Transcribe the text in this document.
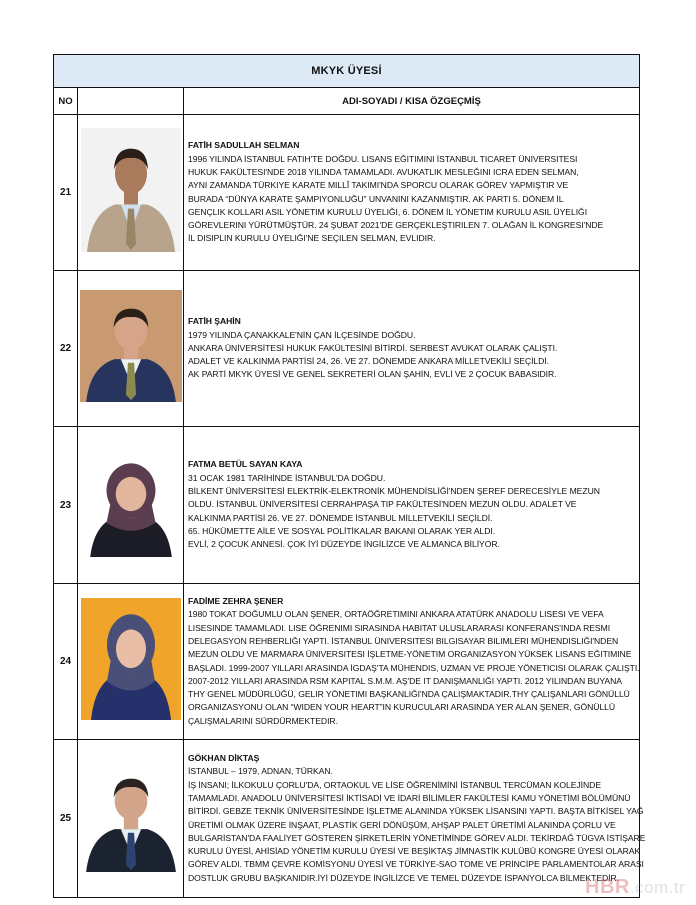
MKYK ÜYESİ
NO	ADI-SOYADI / KISA ÖZGEÇMİŞ
21
FATİH SADULLAH SELMAN
1996 YILINDA İSTANBUL FATIH'TE DOĞDU. LISANS EĞITIMINI İSTANBUL TICARET ÜNIVERSITESI
HUKUK FAKÜLTESI'NDE 2018 YILINDA TAMAMLADI. AVUKATLIK MESLEĞINI ICRA EDEN SELMAN,
AYNI ZAMANDA TÜRKIYE KARATE MILLÎ TAKIMI'NDA SPORCU OLARAK GÖREV YAPMIŞTIR VE
BURADA “DÜNYA KARATE ŞAMPIYONLUĞU” UNVANINI KAZANMIŞTIR. AK PARTI 5. DÖNEM İL
GENÇLIK KOLLARI ASIL YÖNETIM KURULU ÜYELIĞI, 6. DÖNEM İL YÖNETIM KURULU ASIL ÜYELIĞI
GÖREVLERINI YÜRÜTMÜŞTÜR. 24 ŞUBAT 2021'DE GERÇEKLEŞTIRILEN 7. OLAĞAN İL KONGRESI'NDE
İL DISIPLIN KURULU ÜYELIĞI'NE SEÇILEN SELMAN, EVLIDIR.
22
FATİH ŞAHİN
1979 YILINDA ÇANAKKALE'NİN ÇAN İLÇESİNDE DOĞDU.
ANKARA ÜNİVERSİTESİ HUKUK FAKÜLTESİNİ BİTİRDİ. SERBEST AVUKAT OLARAK ÇALIŞTI.
ADALET VE KALKINMA PARTİSİ 24, 26. VE 27. DÖNEMDE ANKARA MİLLETVEKİLİ SEÇİLDİ.
AK PARTİ MKYK ÜYESİ VE GENEL SEKRETERİ OLAN ŞAHİN, EVLİ VE 2 ÇOCUK BABASIDIR.
23
FATMA BETÜL SAYAN KAYA
31 OCAK 1981 TARİHİNDE İSTANBUL'DA DOĞDU.
BİLKENT ÜNİVERSİTESİ ELEKTRİK-ELEKTRONİK MÜHENDİSLİĞİ'NDEN ŞEREF DERECESİYLE MEZUN
OLDU. İSTANBUL ÜNİVERSİTESİ CERRAHPAŞA TIP FAKÜLTESİ'NDEN MEZUN OLDU. ADALET VE
KALKINMA PARTİSİ 26. VE 27. DÖNEMDE İSTANBUL MİLLETVEKİLİ SEÇİLDİ.
65. HÜKÜMETTE AİLE VE SOSYAL POLİTİKALAR BAKANI OLARAK YER ALDI.
EVLİ, 2 ÇOCUK ANNESİ. ÇOK İYİ DÜZEYDE İNGİLİZCE VE ALMANCA BİLİYOR.
24
FADİME ZEHRA ŞENER
1980 TOKAT DOĞUMLU OLAN ŞENER, ORTAÖĞRETIMINI ANKARA ATATÜRK ANADOLU LISESI VE VEFA
LISESINDE TAMAMLADI. LISE ÖĞRENIMI SIRASINDA HABITAT ULUSLARARASI KONFERANS'INDA RESMI
DELEGASYON REHBERLIĞI YAPTI. İSTANBUL ÜNIVERSITESI BILGISAYAR BILIMLERI MÜHENDISLIĞI'NDEN
MEZUN OLDU VE MARMARA ÜNIVERSITESI İŞLETME-YÖNETIM ORGANIZASYON YÜKSEK LISANS EĞITIMINE
BAŞLADI. 1999-2007 YILLARI ARASINDA İGDAŞ'TA MÜHENDIS, UZMAN VE PROJE YÖNETICISI OLARAK ÇALIŞTI.
2007-2012 YILLARI ARASINDA RSM KAPITAL S.M.M. AŞ'DE IT DANIŞMANLIĞI YAPTI. 2012 YILINDAN BUYANA
THY GENEL MÜDÜRLÜĞÜ, GELIR YÖNETIMI BAŞKANLIĞI'NDA ÇALIŞMAKTADIR.THY ÇALIŞANLARI GÖNÜLLÜ
ORGANIZASYONU OLAN “WIDEN YOUR HEART”IN KURUCULARI ARASINDA YER ALAN ŞENER, GÖNÜLLÜ
ÇALIŞMALARINI SÜRDÜRMEKTEDIR.
25
GÖKHAN DİKTAŞ
İSTANBUL – 1979, ADNAN, TÜRKAN.
İŞ İNSANI; İLKOKULU ÇORLU'DA, ORTAOKUL VE LİSE ÖĞRENİMİNİ İSTANBUL TERCÜMAN KOLEJİNDE
TAMAMLADI. ANADOLU ÜNİVERSİTESİ İKTİSADİ VE İDARİ BİLİMLER FAKÜLTESİ KAMU YÖNETİMİ BÖLÜMÜNÜ
BİTİRDİ. GEBZE TEKNİK ÜNİVERSİTESİNDE İŞLETME ALANINDA YÜKSEK LİSANSINI YAPTI. BAŞTA BİTKİSEL YAĞ
ÜRETİMİ OLMAK ÜZERE İNŞAAT, PLASTİK GERİ DÖNÜŞÜM, AHŞAP PALET ÜRETİMİ ALANINDA ÇORLU VE
BULGARİSTAN'DA FAALİYET GÖSTEREN ŞİRKETLERİN YÖNETİMİNDE GÖREV ALDI. TEKİRDAĞ TÜGVA İSTİŞARE
KURULU ÜYESİ, AHİSİAD YÖNETİM KURULU ÜYESİ VE BEŞİKTAŞ JİMNASTİK KULÜBÜ KONGRE ÜYESİ OLARAK
GÖREV ALDI. TBMM ÇEVRE KOMİSYONU ÜYESİ VE TÜRKİYE-SAO TOME VE PRİNCİPE PARLAMENTOLAR ARASI
DOSTLUK GRUBU BAŞKANIDIR.İYİ DÜZEYDE İNGİLİZCE VE TEMEL DÜZEYDE İSPANYOLCA BİLMEKTEDİR.
HBR.com.tr
